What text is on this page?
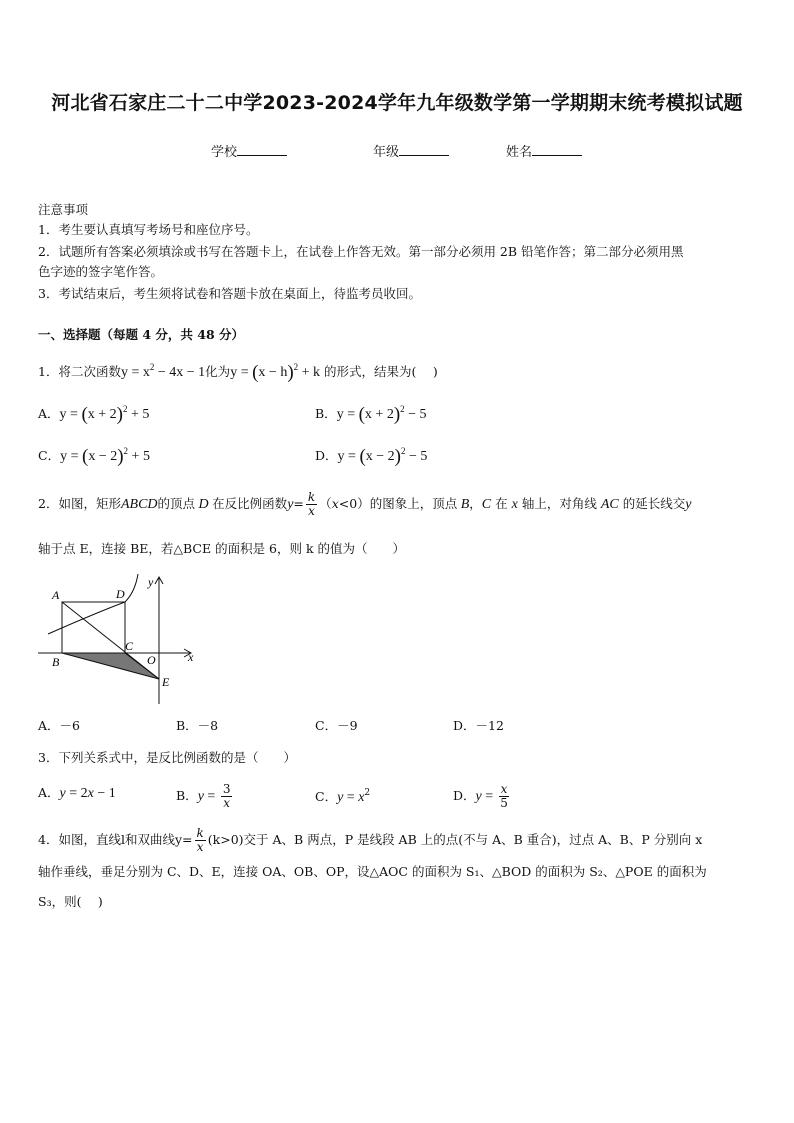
河北省石家庄二十二中学2023-2024学年九年级数学第一学期期末统考模拟试题
学校	年级	姓名
注意事项
1．考生要认真填写考场号和座位序号。
2．试题所有答案必须填涂或书写在答题卡上，在试卷上作答无效。第一部分必须用 2B 铅笔作答；第二部分必须用黑
色字迹的签字笔作答。
3．考试结束后，考生须将试卷和答题卡放在桌面上，待监考员收回。
一、选择题（每题 4 分，共 48 分）
1．将二次函数$y = x^2 - 4x - 1$化为$y = (x - h)^2 + k$ 的形式，结果为(　 )
A．$y = (x + 2)^2 + 5$	B．$y = (x + 2)^2 - 5$
C．$y = (x - 2)^2 + 5$	D．$y = (x - 2)^2 - 5$
2．如图，矩形ABCD的顶点 D 在反比例函数$y= \frac{k}{x} (x<0)$的图象上，顶点 B，C 在 x 轴上，对角线 AC 的延长线交y
轴于点 E，连接 BE，若△BCE 的面积是 6，则 k 的值为（　　）
A	D
C
B	O
E
y
x
A．－6	B．－8	C．－9	D．－12
3．下列关系式中，是反比例函数的是（　　）
A．y = 2x − 1	B．$y = \frac{3}{x}$	C．$y = x^2$	D．$y = \frac{x}{5}$
4．如图，直线l和双曲线$y= \frac{k}{x} (k>0)$交于 A、B 两点，P 是线段 AB 上的点(不与 A、B 重合)，过点 A、B、P 分别向 x
轴作垂线，垂足分别为 C、D、E，连接 OA、OB、OP，设△AOC 的面积为 S₁、△BOD 的面积为 S₂、△POE 的面积为
S₃，则(　 )
